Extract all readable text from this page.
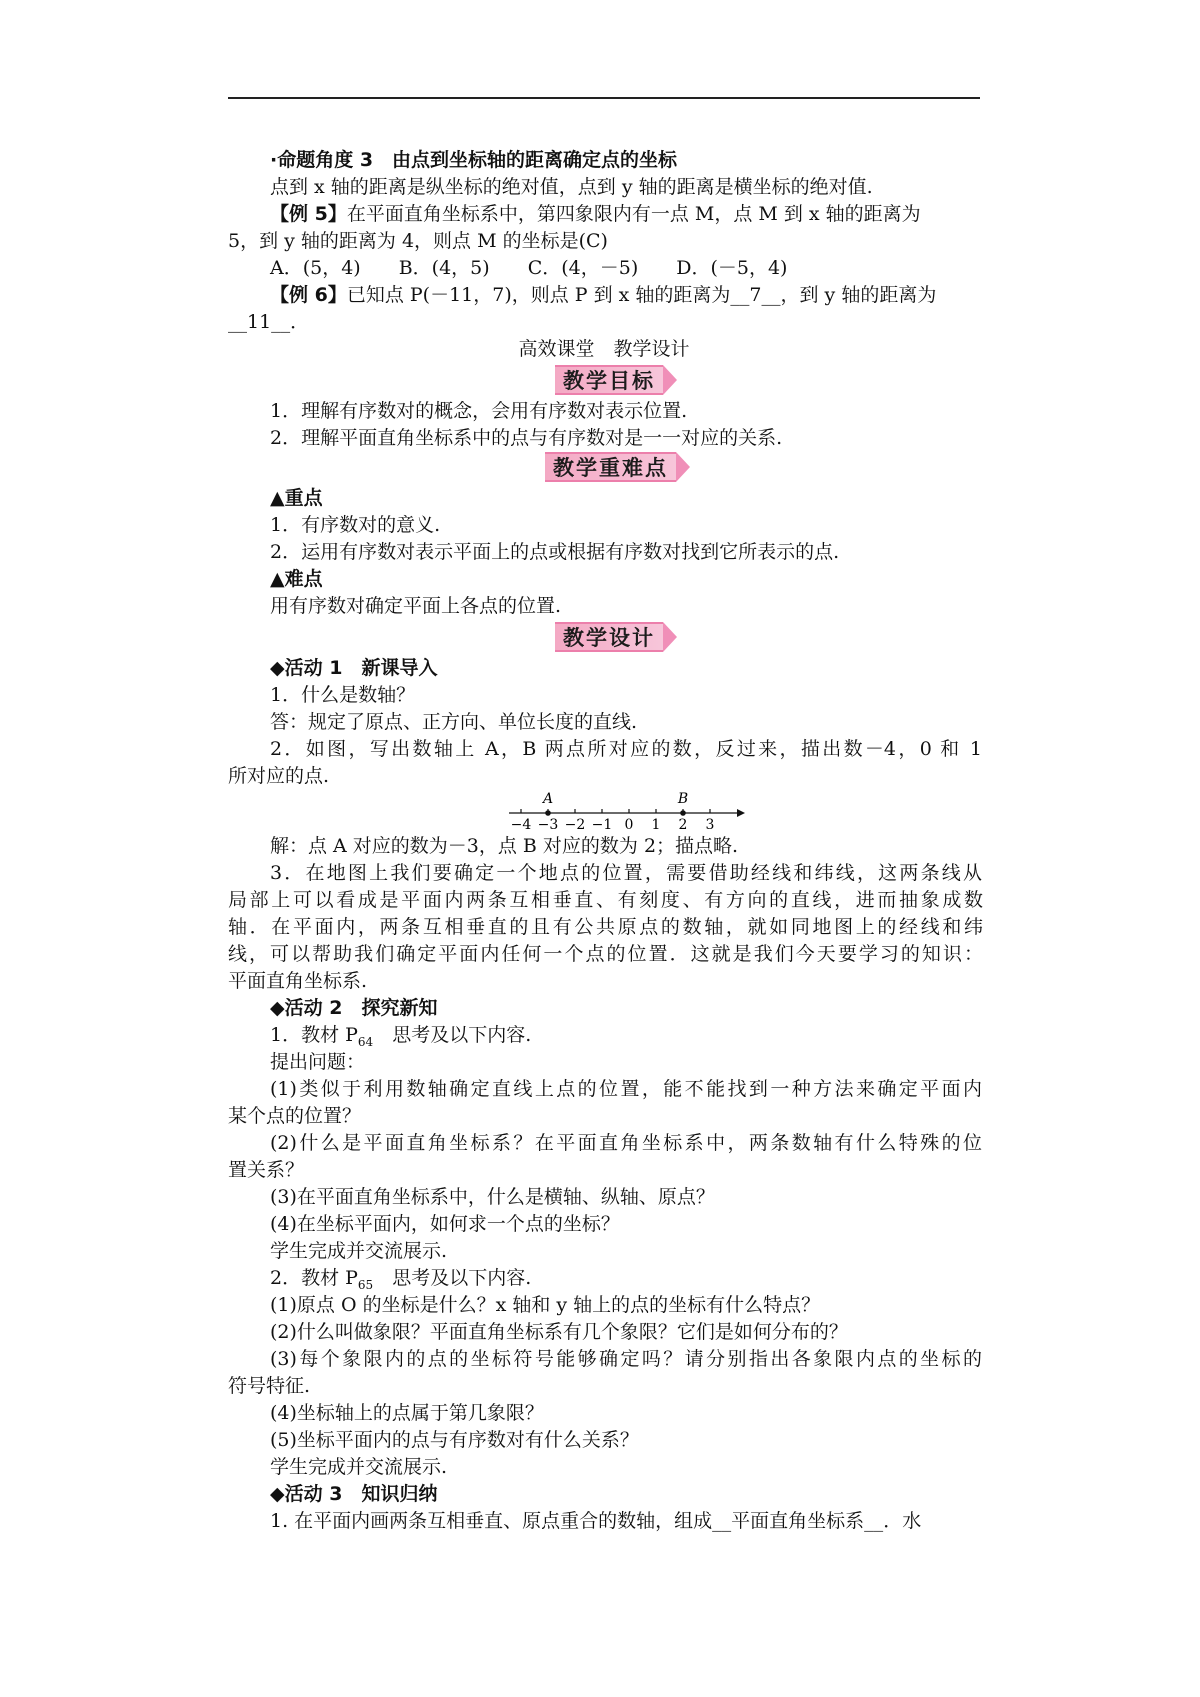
·命题角度 3　由点到坐标轴的距离确定点的坐标
点到 x 轴的距离是纵坐标的绝对值，点到 y 轴的距离是横坐标的绝对值.
【例 5】在平面直角坐标系中，第四象限内有一点 M，点 M 到 x 轴的距离为
5，到 y 轴的距离为 4，则点 M 的坐标是(C)
A．(5，4)　　B．(4，5)　　C．(4，－5)　　D．(－5，4)
【例 6】已知点 P(－11，7)，则点 P 到 x 轴的距离为__7__，到 y 轴的距离为
__11__．
高效课堂　教学设计
教学目标
1．理解有序数对的概念，会用有序数对表示位置.
2．理解平面直角坐标系中的点与有序数对是一一对应的关系.
教学重难点
▲重点
1．有序数对的意义.
2．运用有序数对表示平面上的点或根据有序数对找到它所表示的点.
▲难点
用有序数对确定平面上各点的位置.
教学设计
◆活动 1　新课导入
1．什么是数轴？
答：规定了原点、正方向、单位长度的直线.
2．如图，写出数轴上 A，B 两点所对应的数，反过来，描出数－4，0 和 1
所对应的点.
−4 −3 −2 −1 0 1 2 3
A	B
解：点 A 对应的数为－3，点 B 对应的数为 2；描点略.
3．在地图上我们要确定一个地点的位置，需要借助经线和纬线，这两条线从
局部上可以看成是平面内两条互相垂直、有刻度、有方向的直线，进而抽象成数
轴．在平面内，两条互相垂直的且有公共原点的数轴，就如同地图上的经线和纬
线，可以帮助我们确定平面内任何一个点的位置．这就是我们今天要学习的知识：
平面直角坐标系.
◆活动 2　探究新知
1．教材 $P_{64}$　思考及以下内容.
提出问题：
(1)类似于利用数轴确定直线上点的位置，能不能找到一种方法来确定平面内
某个点的位置？
(2)什么是平面直角坐标系？在平面直角坐标系中，两条数轴有什么特殊的位
置关系？
(3)在平面直角坐标系中，什么是横轴、纵轴、原点？
(4)在坐标平面内，如何求一个点的坐标？
学生完成并交流展示.
2．教材 $P_{65}$　思考及以下内容.
(1)原点 O 的坐标是什么？x 轴和 y 轴上的点的坐标有什么特点？
(2)什么叫做象限？平面直角坐标系有几个象限？它们是如何分布的？
(3)每个象限内的点的坐标符号能够确定吗？请分别指出各象限内点的坐标的
符号特征.
(4)坐标轴上的点属于第几象限？
(5)坐标平面内的点与有序数对有什么关系？
学生完成并交流展示.
◆活动 3　知识归纳
1. 在平面内画两条互相垂直、原点重合的数轴，组成__平面直角坐标系__．水
